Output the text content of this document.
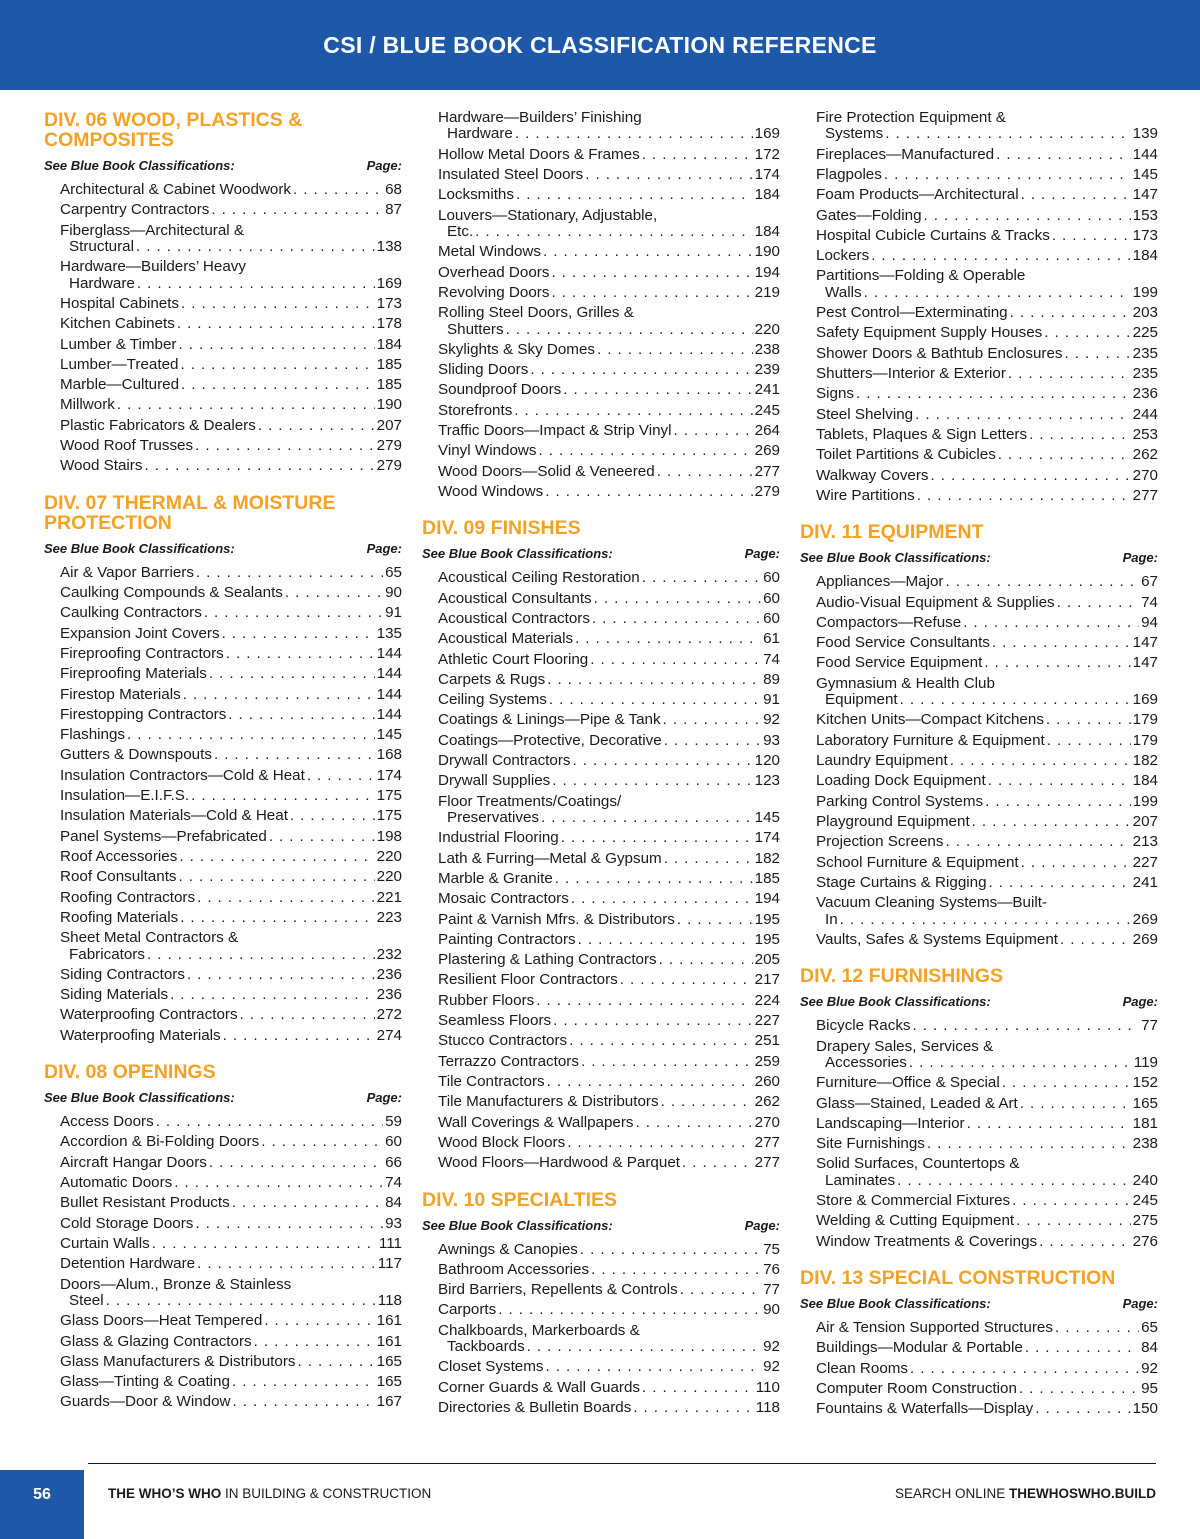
CSI / BLUE BOOK CLASSIFICATION REFERENCE
DIV. 06 WOOD, PLASTICS & COMPOSITES
See Blue Book Classifications:	Page:
Architectural & Cabinet Woodwork . . .	68
Carpentry Contractors . . .	87
Fiberglass—Architectural &
Structural . . .	138
Hardware—Builders’ Heavy
Hardware . . .	169
Hospital Cabinets . . .	173
Kitchen Cabinets . . .	178
Lumber & Timber . . .	184
Lumber—Treated . . .	185
Marble—Cultured . . .	185
Millwork . . .	190
Plastic Fabricators & Dealers . . .	207
Wood Roof Trusses . . .	279
Wood Stairs . . .	279
DIV. 07 THERMAL & MOISTURE PROTECTION
See Blue Book Classifications:	Page:
Air & Vapor Barriers . . .	65
Caulking Compounds & Sealants . . .	90
Caulking Contractors . . .	91
Expansion Joint Covers . . .	135
Fireproofing Contractors . . .	144
Fireproofing Materials . . .	144
Firestop Materials . . .	144
Firestopping Contractors . . .	144
Flashings . . .	145
Gutters & Downspouts . . .	168
Insulation Contractors—Cold & Heat . . .	174
Insulation—E.I.F.S. . . .	175
Insulation Materials—Cold & Heat . . .	175
Panel Systems—Prefabricated . . .	198
Roof Accessories . . .	220
Roof Consultants . . .	220
Roofing Contractors . . .	221
Roofing Materials . . .	223
Sheet Metal Contractors &
Fabricators . . .	232
Siding Contractors . . .	236
Siding Materials . . .	236
Waterproofing Contractors . . .	272
Waterproofing Materials . . .	274
DIV. 08 OPENINGS
See Blue Book Classifications:	Page:
Access Doors . . .	59
Accordion & Bi-Folding Doors . . .	60
Aircraft Hangar Doors . . .	66
Automatic Doors . . .	74
Bullet Resistant Products . . .	84
Cold Storage Doors . . .	93
Curtain Walls . . .	111
Detention Hardware . . .	117
Doors—Alum., Bronze & Stainless
Steel . . .	118
Glass Doors—Heat Tempered . . .	161
Glass & Glazing Contractors . . .	161
Glass Manufacturers & Distributors . . .	165
Glass—Tinting & Coating . . .	165
Guards—Door & Window . . .	167
Hardware—Builders’ Finishing
Hardware . . .	169
Hollow Metal Doors & Frames . . .	172
Insulated Steel Doors . . .	174
Locksmiths . . .	184
Louvers—Stationary, Adjustable,
Etc. . . .	184
Metal Windows . . .	190
Overhead Doors . . .	194
Revolving Doors . . .	219
Rolling Steel Doors, Grilles &
Shutters . . .	220
Skylights & Sky Domes . . .	238
Sliding Doors . . .	239
Soundproof Doors . . .	241
Storefronts . . .	245
Traffic Doors—Impact & Strip Vinyl . . .	264
Vinyl Windows . . .	269
Wood Doors—Solid & Veneered . . .	277
Wood Windows . . .	279
DIV. 09 FINISHES
See Blue Book Classifications:	Page:
Acoustical Ceiling Restoration . . .	60
Acoustical Consultants . . .	60
Acoustical Contractors . . .	60
Acoustical Materials . . .	61
Athletic Court Flooring . . .	74
Carpets & Rugs . . .	89
Ceiling Systems . . .	91
Coatings & Linings—Pipe & Tank . . .	92
Coatings—Protective, Decorative . . .	93
Drywall Contractors . . .	120
Drywall Supplies . . .	123
Floor Treatments/Coatings/
Preservatives . . .	145
Industrial Flooring . . .	174
Lath & Furring—Metal & Gypsum . . .	182
Marble & Granite . . .	185
Mosaic Contractors . . .	194
Paint & Varnish Mfrs. & Distributors . . .	195
Painting Contractors . . .	195
Plastering & Lathing Contractors . . .	205
Resilient Floor Contractors . . .	217
Rubber Floors . . .	224
Seamless Floors . . .	227
Stucco Contractors . . .	251
Terrazzo Contractors . . .	259
Tile Contractors . . .	260
Tile Manufacturers & Distributors . . .	262
Wall Coverings & Wallpapers . . .	270
Wood Block Floors . . .	277
Wood Floors—Hardwood & Parquet . . .	277
DIV. 10 SPECIALTIES
See Blue Book Classifications:	Page:
Awnings & Canopies . . .	75
Bathroom Accessories . . .	76
Bird Barriers, Repellents & Controls . . .	77
Carports . . .	90
Chalkboards, Markerboards &
Tackboards . . .	92
Closet Systems . . .	92
Corner Guards & Wall Guards . . .	110
Directories & Bulletin Boards . . .	118
Fire Protection Equipment &
Systems . . .	139
Fireplaces—Manufactured . . .	144
Flagpoles . . .	145
Foam Products—Architectural . . .	147
Gates—Folding . . .	153
Hospital Cubicle Curtains & Tracks . . .	173
Lockers . . .	184
Partitions—Folding & Operable
Walls . . .	199
Pest Control—Exterminating . . .	203
Safety Equipment Supply Houses . . .	225
Shower Doors & Bathtub Enclosures . . .	235
Shutters—Interior & Exterior . . .	235
Signs . . .	236
Steel Shelving . . .	244
Tablets, Plaques & Sign Letters . . .	253
Toilet Partitions & Cubicles . . .	262
Walkway Covers . . .	270
Wire Partitions . . .	277
DIV. 11 EQUIPMENT
See Blue Book Classifications:	Page:
Appliances—Major . . .	67
Audio-Visual Equipment & Supplies . . .	74
Compactors—Refuse . . .	94
Food Service Consultants . . .	147
Food Service Equipment . . .	147
Gymnasium & Health Club
Equipment . . .	169
Kitchen Units—Compact Kitchens . . .	179
Laboratory Furniture & Equipment . . .	179
Laundry Equipment . . .	182
Loading Dock Equipment . . .	184
Parking Control Systems . . .	199
Playground Equipment . . .	207
Projection Screens . . .	213
School Furniture & Equipment . . .	227
Stage Curtains & Rigging . . .	241
Vacuum Cleaning Systems—Built-
In . . .	269
Vaults, Safes & Systems Equipment . . .	269
DIV. 12 FURNISHINGS
See Blue Book Classifications:	Page:
Bicycle Racks . . .	77
Drapery Sales, Services &
Accessories . . .	119
Furniture—Office & Special . . .	152
Glass—Stained, Leaded & Art . . .	165
Landscaping—Interior . . .	181
Site Furnishings . . .	238
Solid Surfaces, Countertops &
Laminates . . .	240
Store & Commercial Fixtures . . .	245
Welding & Cutting Equipment . . .	275
Window Treatments & Coverings . . .	276
DIV. 13 SPECIAL CONSTRUCTION
See Blue Book Classifications:	Page:
Air & Tension Supported Structures . . .	65
Buildings—Modular & Portable . . .	84
Clean Rooms . . .	92
Computer Room Construction . . .	95
Fountains & Waterfalls—Display . . .	150
56	THE WHO’S WHO IN BUILDING & CONSTRUCTION	SEARCH ONLINE THEWHOSWHO.BUILD
